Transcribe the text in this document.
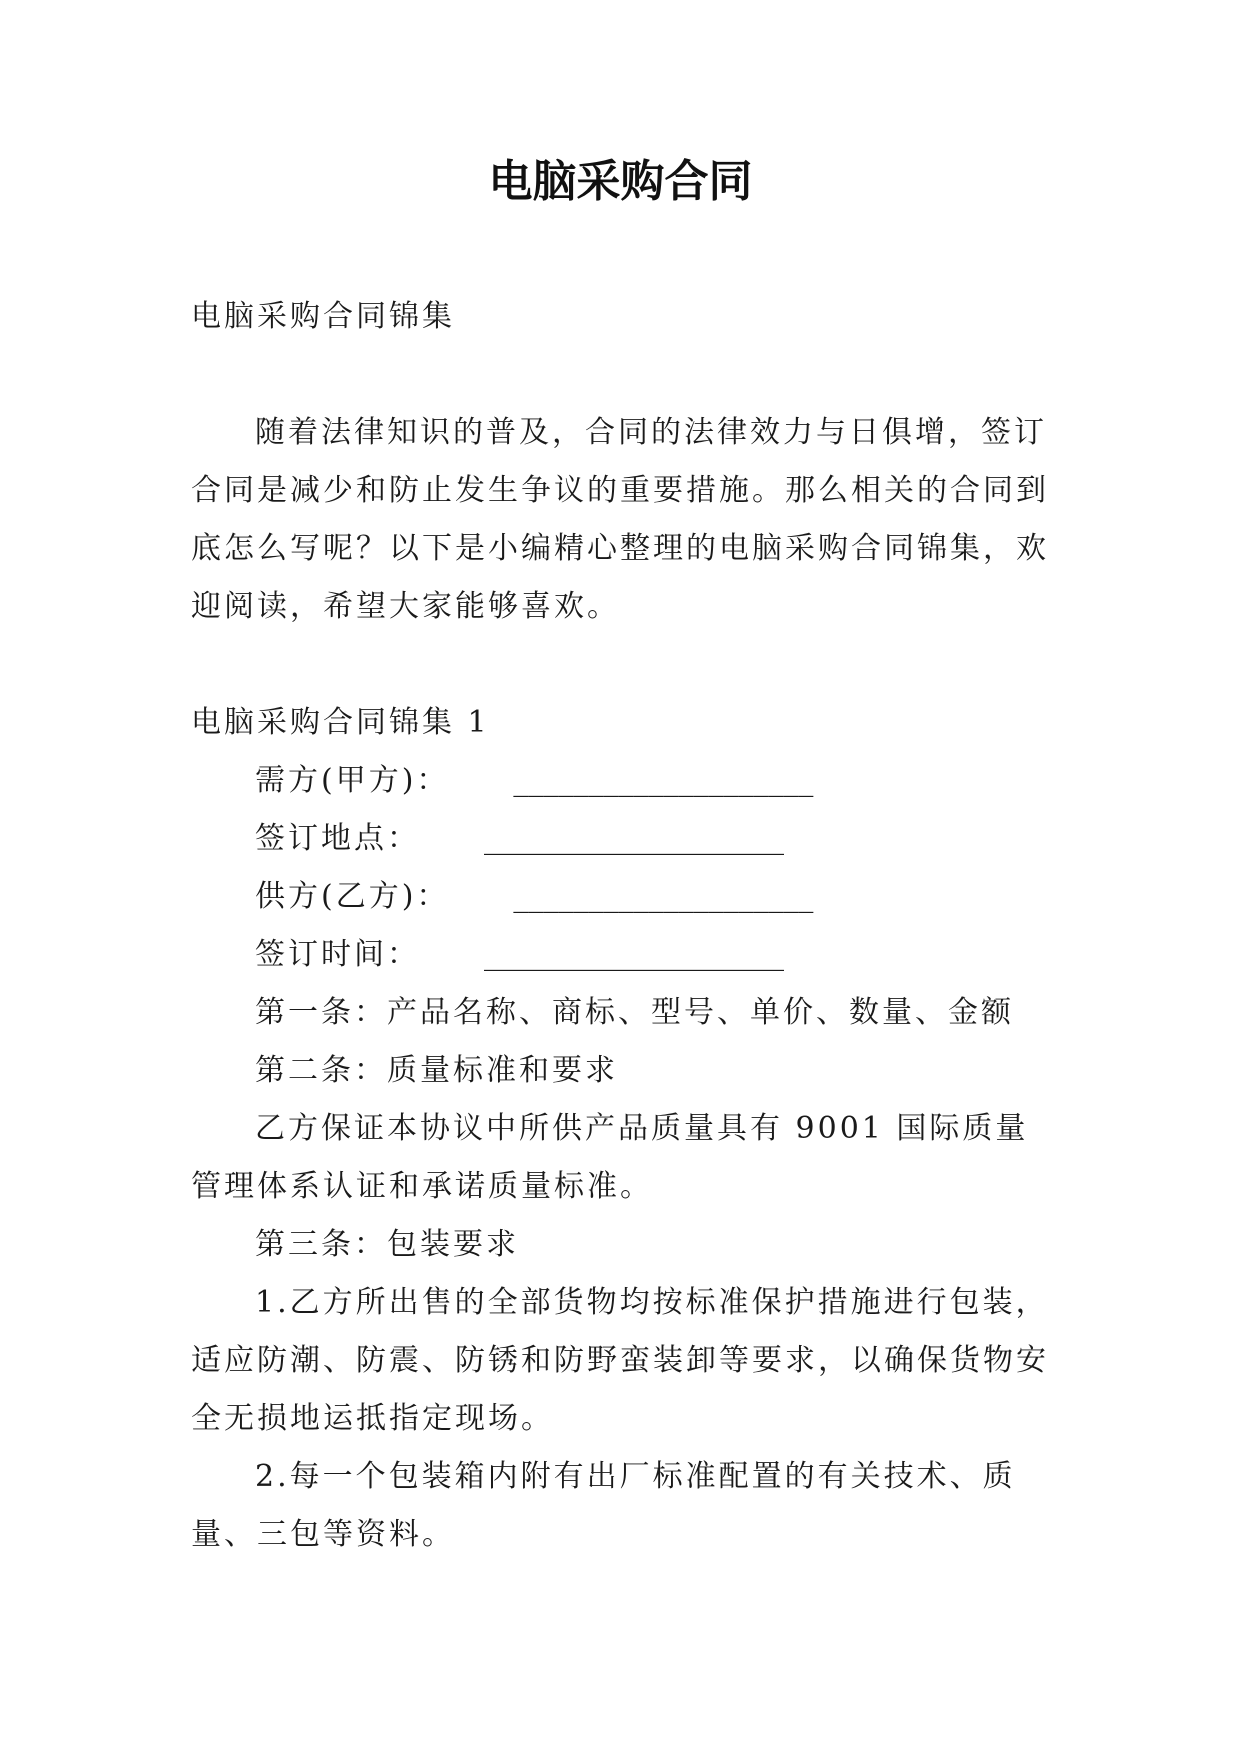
电脑采购合同

电脑采购合同锦集

随着法律知识的普及，合同的法律效力与日俱增，签订合同是减少和防止发生争议的重要措施。那么相关的合同到底怎么写呢？以下是小编精心整理的电脑采购合同锦集，欢迎阅读，希望大家能够喜欢。

电脑采购合同锦集 1

需方(甲方)： ____________________

签订地点： ____________________

供方(乙方)： ____________________

签订时间： ____________________

第一条：产品名称、商标、型号、单价、数量、金额

第二条：质量标准和要求

乙方保证本协议中所供产品质量具有 9001 国际质量管理体系认证和承诺质量标准。

第三条：包装要求

1.乙方所出售的全部货物均按标准保护措施进行包装，适应防潮、防震、防锈和防野蛮装卸等要求，以确保货物安全无损地运抵指定现场。

2.每一个包装箱内附有出厂标准配置的有关技术、质量、三包等资料。
